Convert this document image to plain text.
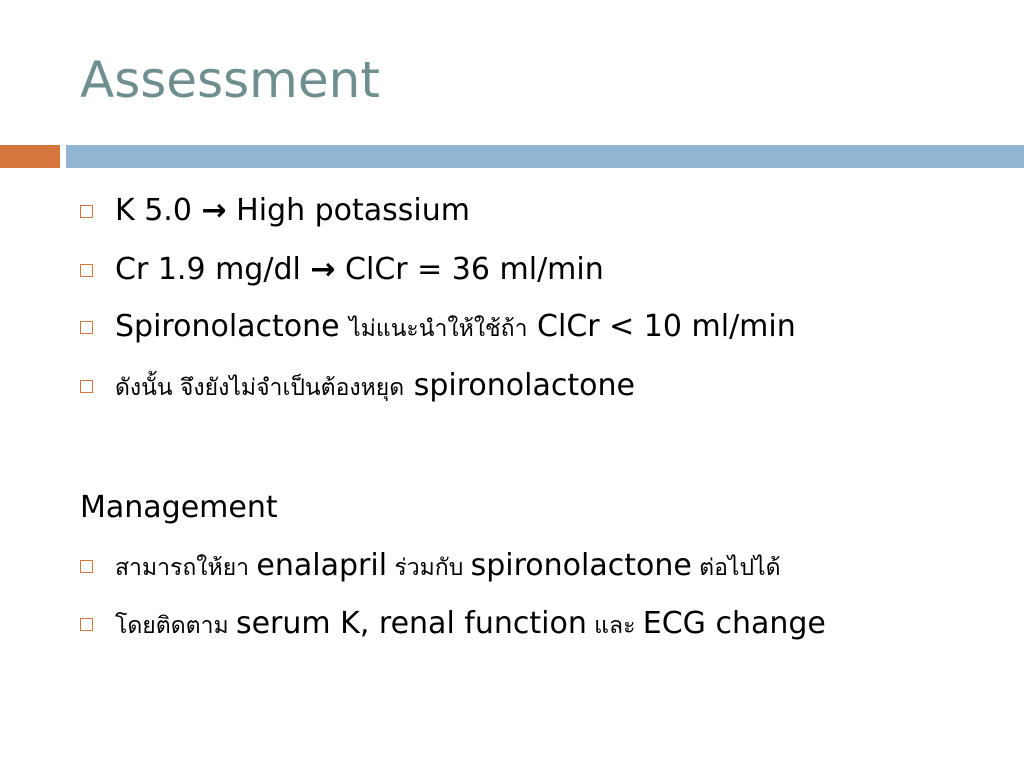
Assessment
K 5.0 → High potassium
Cr 1.9 mg/dl → ClCr = 36 ml/min
Spironolactone ไม่แนะนำให้ใช้ถ้า ClCr < 10 ml/min
ดังนั้น จึงยังไม่จำเป็นต้องหยุด spironolactone
Management
สามารถให้ยา enalapril ร่วมกับ spironolactone ต่อไปได้
โดยติดตาม serum K, renal function และ ECG change
